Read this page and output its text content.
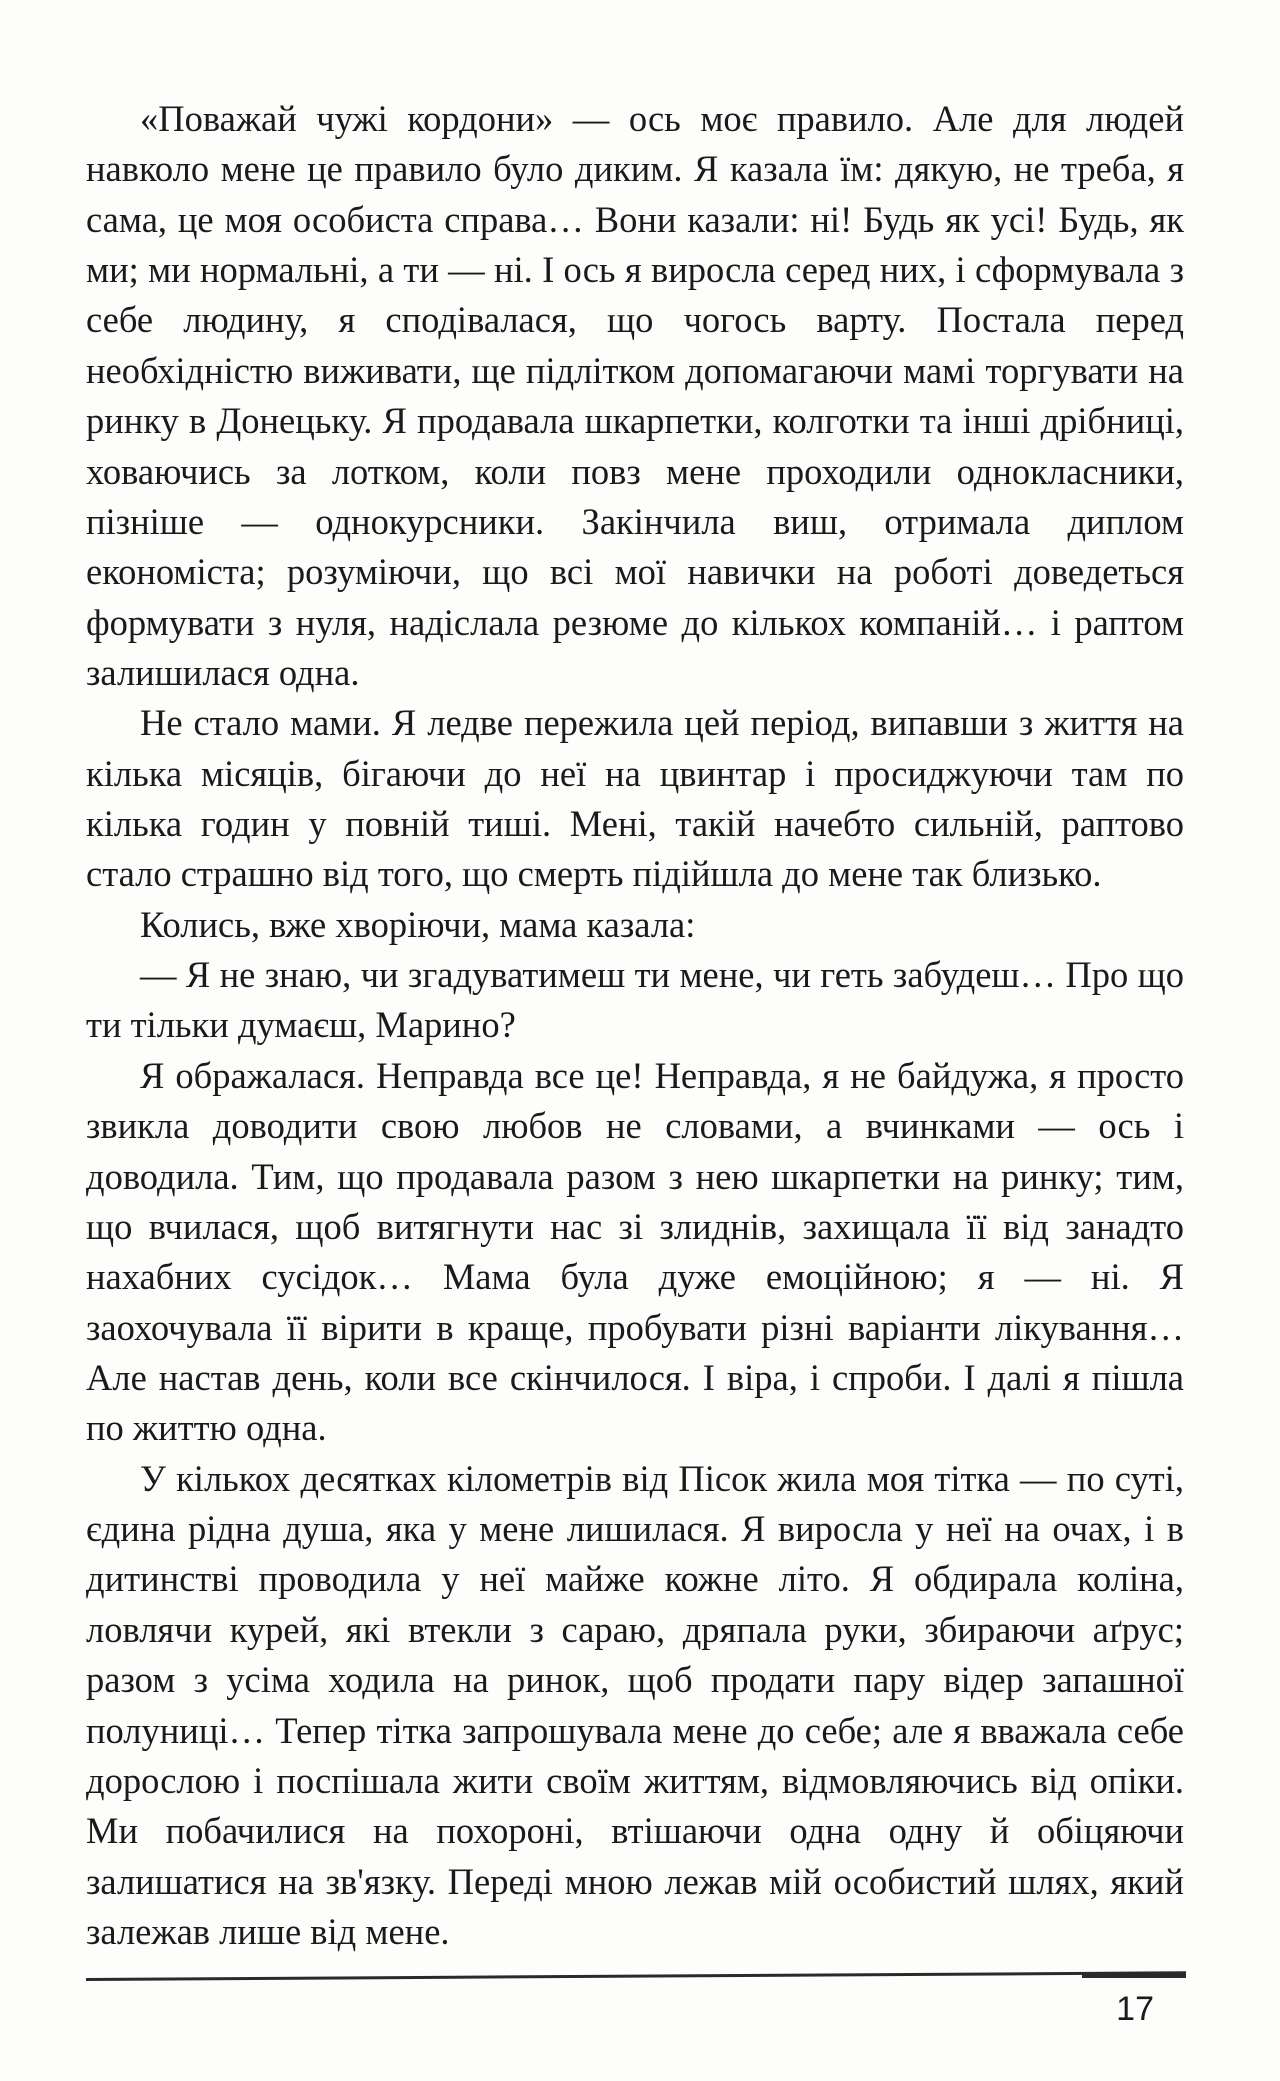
«Поважай чужі кордони» — ось моє правило. Але для людей навколо мене це правило було диким. Я казала їм: дякую, не треба, я сама, це моя особиста справа… Вони казали: ні! Будь як усі! Будь, як ми; ми нормальні, а ти — ні. І ось я виросла серед них, і сформувала з себе людину, я сподівалася, що чогось варту. Постала перед необхідністю виживати, ще підлітком допомагаючи мамі торгувати на ринку в Донецьку. Я продавала шкарпетки, колготки та інші дрібниці, ховаючись за лотком, коли повз мене проходили однокласники, пізніше — однокурсники. Закінчила виш, отримала диплом економіста; розуміючи, що всі мої навички на роботі доведеться формувати з нуля, надіслала резюме до кількох компаній… і раптом залишилася одна.

Не стало мами. Я ледве пережила цей період, випавши з життя на кілька місяців, бігаючи до неї на цвинтар і просиджуючи там по кілька годин у повній тиші. Мені, такій начебто сильній, раптово стало страшно від того, що смерть підійшла до мене так близько.

Колись, вже хворіючи, мама казала:

— Я не знаю, чи згадуватимеш ти мене, чи геть забудеш… Про що ти тільки думаєш, Марино?

Я ображалася. Неправда все це! Неправда, я не байдужа, я просто звикла доводити свою любов не словами, а вчинками — ось і доводила. Тим, що продавала разом з нею шкарпетки на ринку; тим, що вчилася, щоб витягнути нас зі злиднів, захищала її від занадто нахабних сусідок… Мама була дуже емоційною; я — ні. Я заохочувала її вірити в краще, пробувати різні варіанти лікування… Але настав день, коли все скінчилося. І віра, і спроби. І далі я пішла по життю одна.

У кількох десятках кілометрів від Пісок жила моя тітка — по суті, єдина рідна душа, яка у мене лишилася. Я виросла у неї на очах, і в дитинстві проводила у неї майже кожне літо. Я обдирала коліна, ловлячи курей, які втекли з сараю, дряпала руки, збираючи аґрус; разом з усіма ходила на ринок, щоб продати пару відер запашної полуниці… Тепер тітка запрошувала мене до себе; але я вважала себе дорослою і поспішала жити своїм життям, відмовляючись від опіки. Ми побачилися на похороні, втішаючи одна одну й обіцяючи залишатися на зв'язку. Переді мною лежав мій особистий шлях, який залежав лише від мене.

17
